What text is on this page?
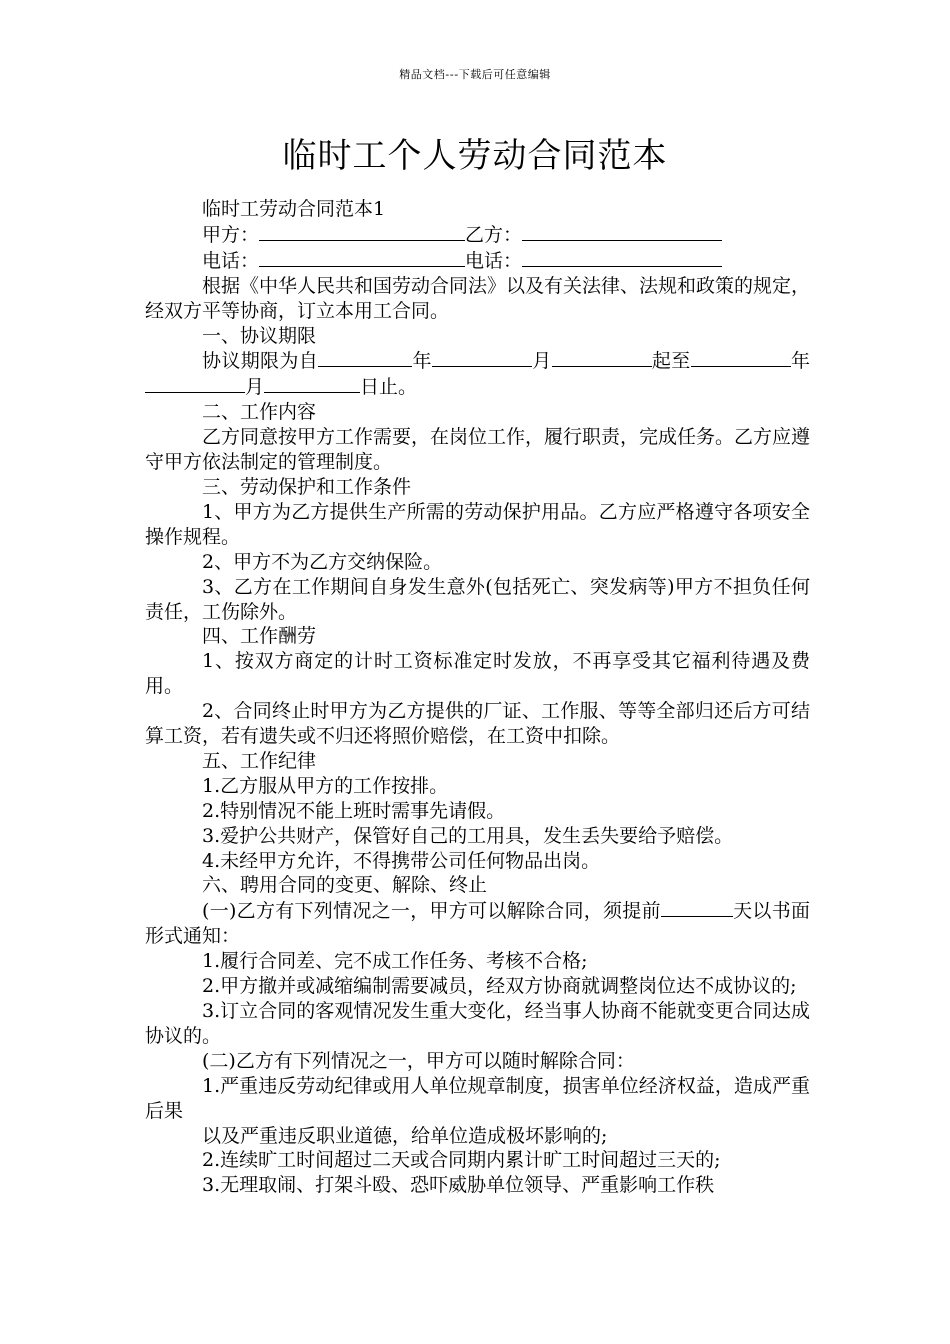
精品文档---下载后可任意编辑
临时工个人劳动合同范本

临时工劳动合同范本1

甲方：	乙方：

电话：	电话：

根据《中华人民共和国劳动合同法》以及有关法律、法规和政策的规定，经双方平等协商，订立本用工合同。

一、协议期限

协议期限为自	年	月	起至	年月	日止。

二、工作内容

乙方同意按甲方工作需要，在岗位工作，履行职责，完成任务。乙方应遵守甲方依法制定的管理制度。

三、劳动保护和工作条件

1、甲方为乙方提供生产所需的劳动保护用品。乙方应严格遵守各项安全操作规程。

2、甲方不为乙方交纳保险。

3、乙方在工作期间自身发生意外(包括死亡、突发病等)甲方不担负任何责任，工伤除外。

四、工作酬劳

1、按双方商定的计时工资标准定时发放，不再享受其它福利待遇及费用。

2、合同终止时甲方为乙方提供的厂证、工作服、等等全部归还后方可结算工资，若有遗失或不归还将照价赔偿，在工资中扣除。

五、工作纪律

1.乙方服从甲方的工作按排。

2.特别情况不能上班时需事先请假。

3.爱护公共财产，保管好自己的工用具，发生丢失要给予赔偿。

4.未经甲方允许，不得携带公司任何物品出岗。

六、聘用合同的变更、解除、终止

(一)乙方有下列情况之一，甲方可以解除合同，须提前	天以书面形式通知：

1.履行合同差、完不成工作任务、考核不合格;

2.甲方撤并或减缩编制需要减员，经双方协商就调整岗位达不成协议的;

3.订立合同的客观情况发生重大变化，经当事人协商不能就变更合同达成协议的。

(二)乙方有下列情况之一，甲方可以随时解除合同：

1.严重违反劳动纪律或用人单位规章制度，损害单位经济权益，造成严重后果

以及严重违反职业道德，给单位造成极坏影响的;

2.连续旷工时间超过二天或合同期内累计旷工时间超过三天的;

3.无理取闹、打架斗殴、恐吓威胁单位领导、严重影响工作秩
